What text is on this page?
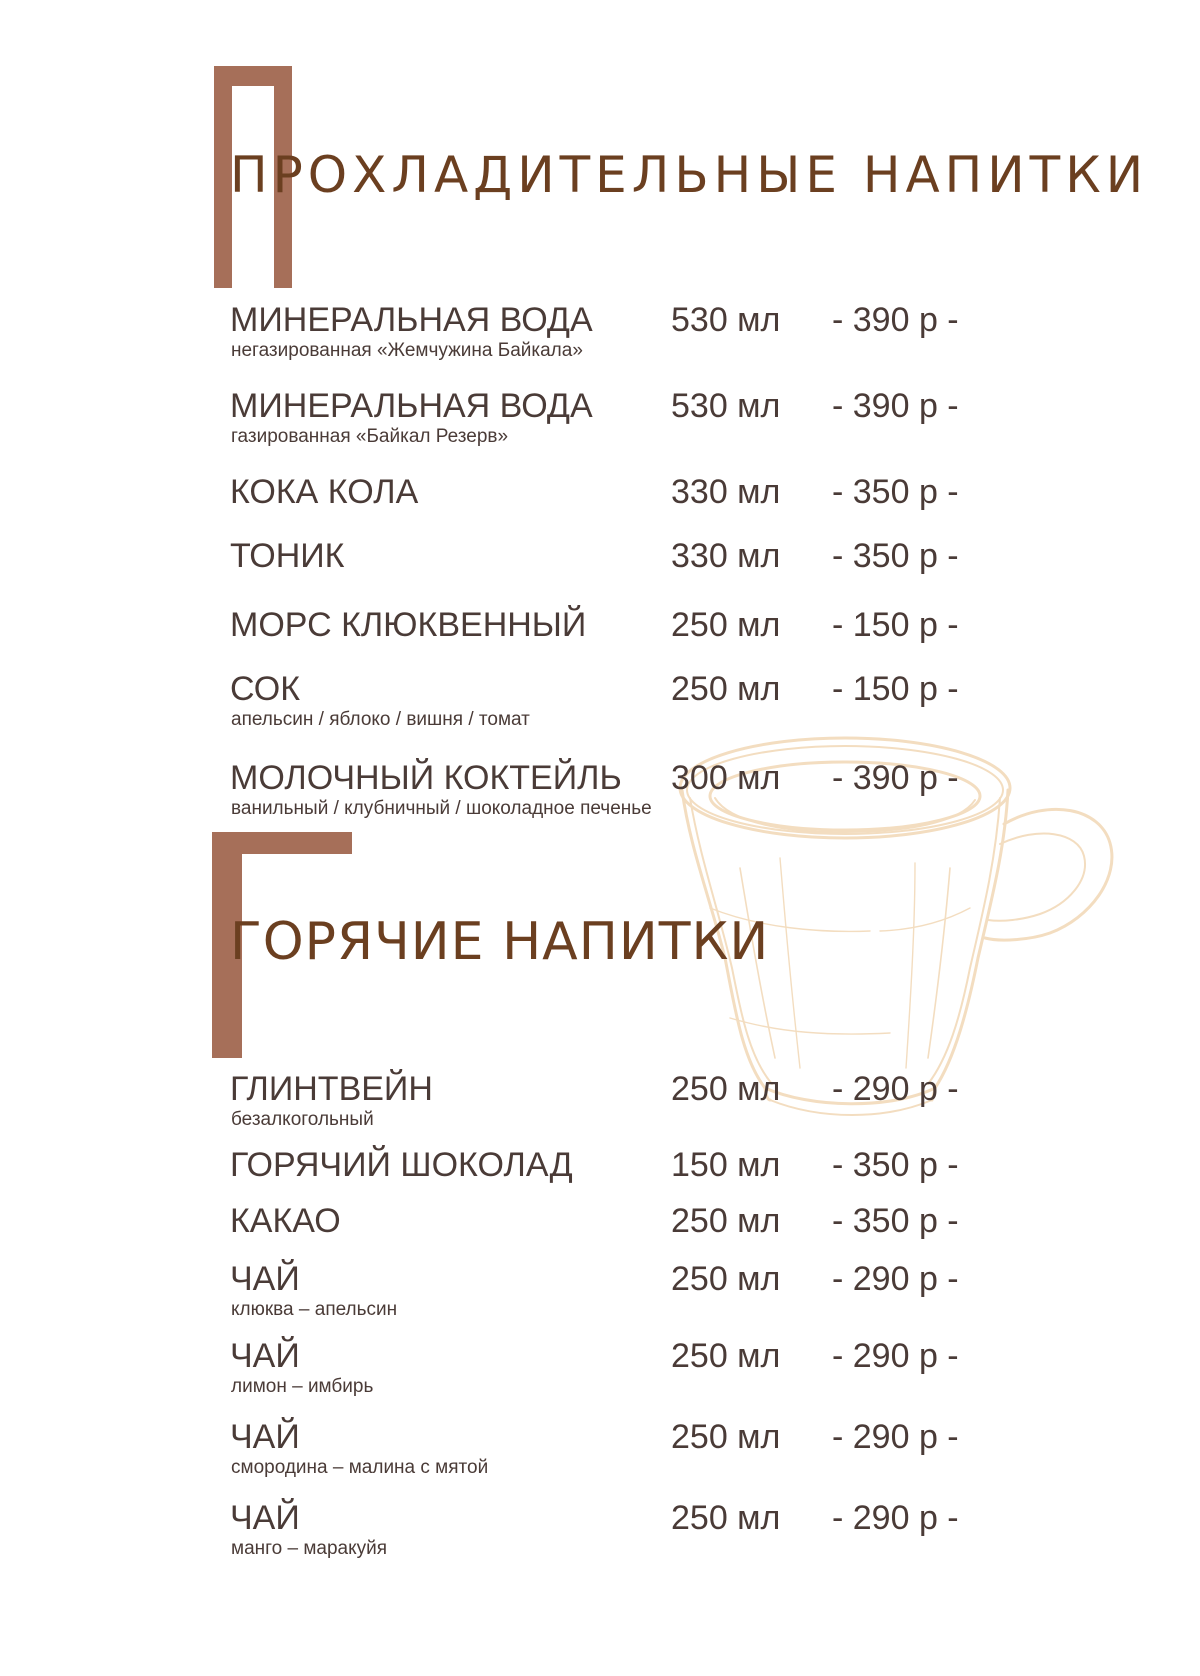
ПРОХЛАДИТЕЛЬНЫЕ НАПИТКИ
МИНЕРАЛЬНАЯ ВОДА
негазированная «Жемчужина Байкала»
530 мл - 390 р -
МИНЕРАЛЬНАЯ ВОДА
газированная «Байкал Резерв»
530 мл - 390 р -
КОКА КОЛА	330 мл - 350 р -
ТОНИК	330 мл - 350 р -
МОРС КЛЮКВЕННЫЙ 250 мл - 150 р -
СОК
апельсин / яблоко / вишня / томат
250 мл - 150 р -
МОЛОЧНЫЙ КОКТЕЙЛЬ
ванильный / клубничный / шоколадное печенье
300 мл - 390 р -
ГОРЯЧИЕ НАПИТКИ
ГЛИНТВЕЙН
безалкогольный
250 мл - 290 р -
ГОРЯЧИЙ ШОКОЛАД	150 мл - 350 р -
КАКАО	250 мл - 350 р -
ЧАЙ
клюква – апельсин
250 мл - 290 р -
ЧАЙ
лимон – имбирь
250 мл - 290 р -
ЧАЙ
смородина – малина с мятой
250 мл - 290 р -
ЧАЙ
манго – маракуйя
250 мл - 290 р -
